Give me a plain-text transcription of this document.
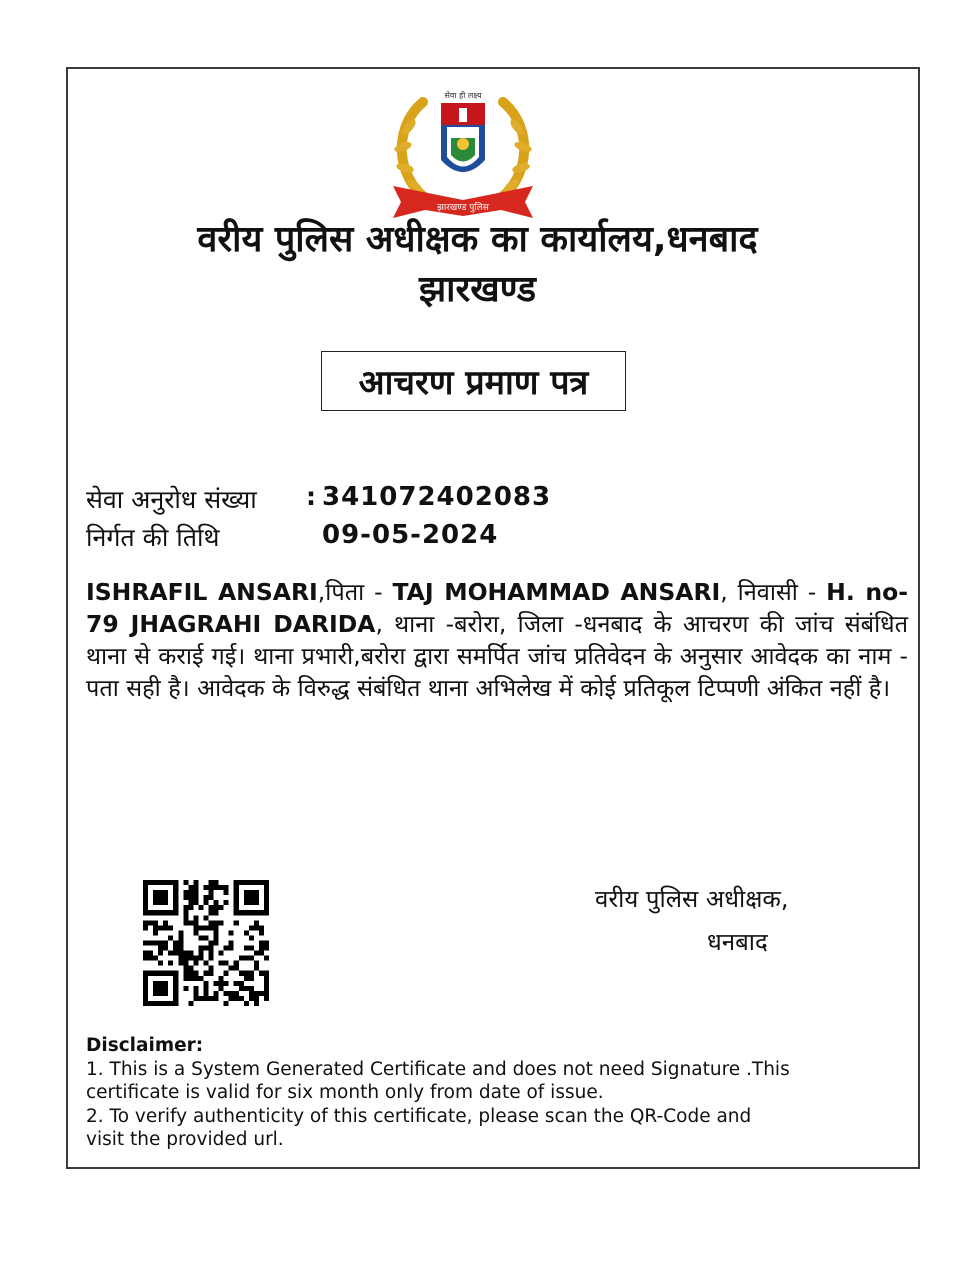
सेवा ही लक्ष्य
झारखण्ड पुलिस
वरीय पुलिस अधीक्षक का कार्यालय,धनबाद
झारखण्ड
आचरण प्रमाण पत्र
सेवा अनुरोध संख्या : 341072402083
निर्गत की तिथि	09-05-2024
ISHRAFIL ANSARI,पिता - TAJ MOHAMMAD ANSARI, निवासी - H. no-79 JHAGRAHI DARIDA, थाना -बरोरा, जिला -धनबाद के आचरण की जांच संबंधित थाना से कराई गई। थाना प्रभारी,बरोरा द्वारा समर्पित जांच प्रतिवेदन के अनुसार आवेदक का नाम - पता सही है। आवेदक के विरुद्ध संबंधित थाना अभिलेख में कोई प्रतिकूल टिप्पणी अंकित नहीं है।
वरीय पुलिस अधीक्षक,
धनबाद
Disclaimer:
1. This is a System Generated Certificate and does not need Signature .This
certificate is valid for six month only from date of issue.
2. To verify authenticity of this certificate, please scan the QR-Code and
visit the provided url.
